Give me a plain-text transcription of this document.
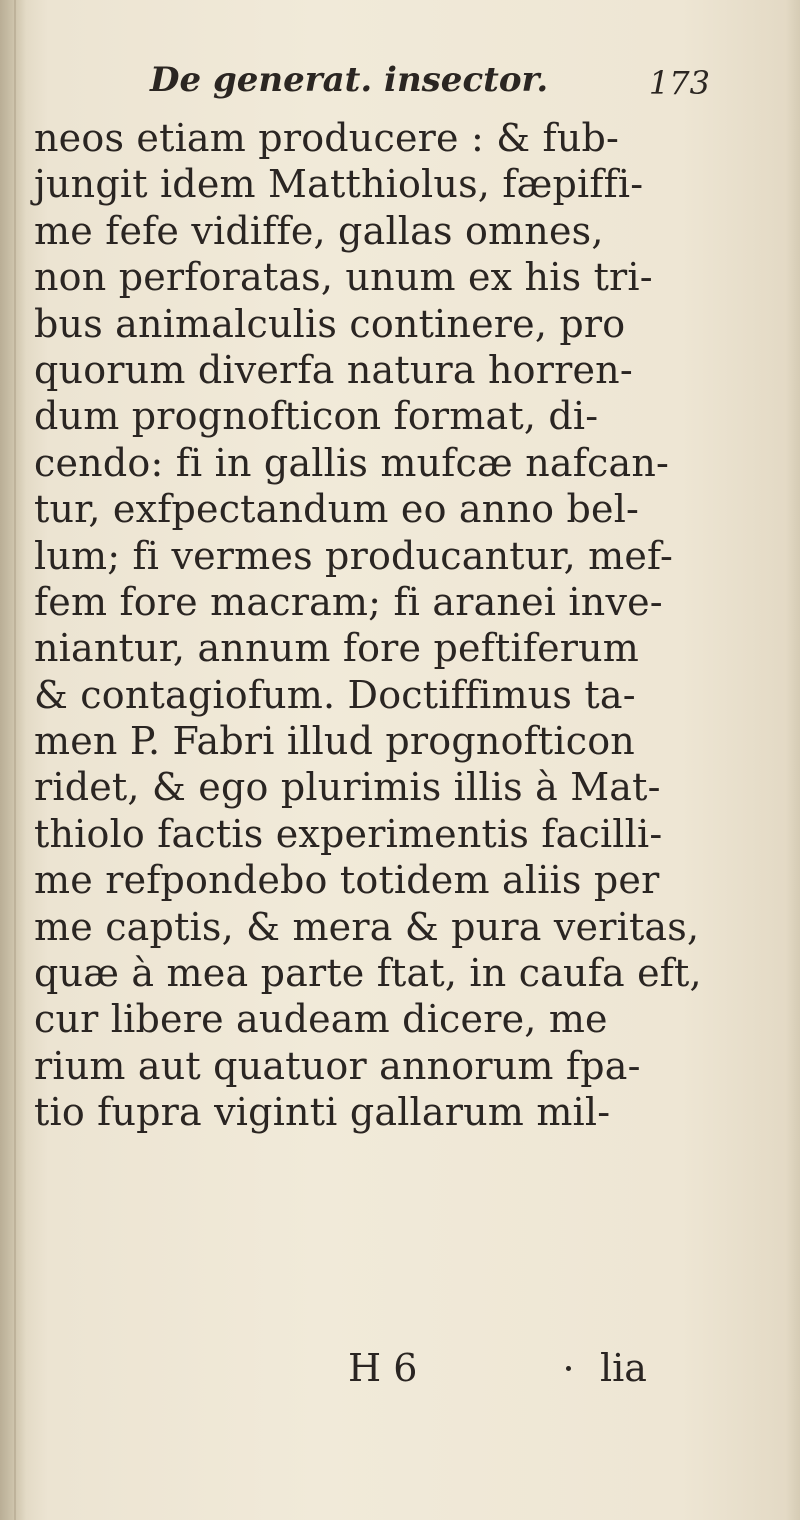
De generat. insector.	173
neos etiam producere : & fub-
jungit idem Matthiolus, fæpiffi-
me fefe vidiffe, gallas omnes,
non perforatas, unum ex his tri-
bus animalculis continere, pro
quorum diverfa natura horren-
dum prognofticon format, di-
cendo: fi in gallis mufcæ nafcan-
tur, exfpectandum eo anno bel-
lum; fi vermes producantur, mef-
fem fore macram; fi aranei inve-
niantur, annum fore peftiferum
& contagiofum. Doctiffimus ta-
men P. Fabri illud prognofticon
ridet, & ego plurimis illis à Mat-
thiolo factis experimentis facilli-
me refpondebo totidem aliis per
me captis, & mera & pura veritas,
quæ à mea parte ftat, in caufa eft,
cur libere audeam dicere, me
rium aut quatuor annorum fpa-
tio fupra viginti gallarum mil-
H 6	lia
